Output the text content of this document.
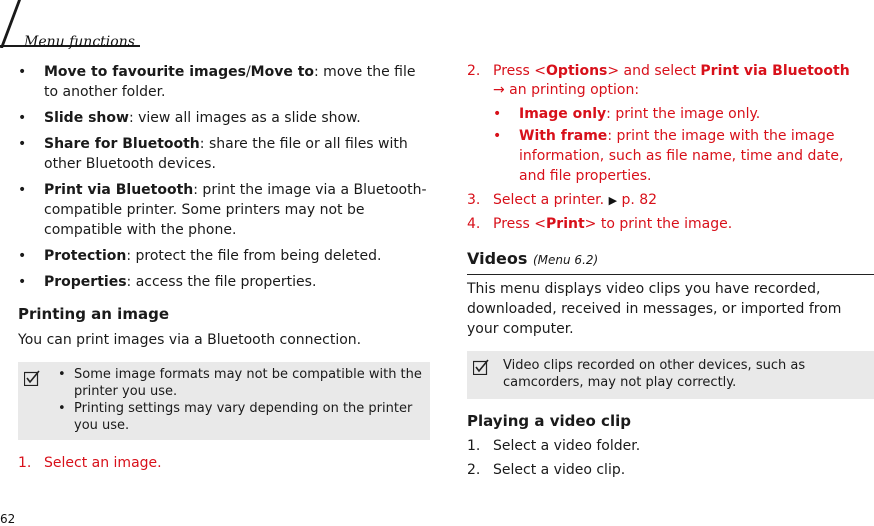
Menu functions
• Move to favourite images/Move to: move the file to another folder.
• Slide show: view all images as a slide show.
• Share for Bluetooth: share the file or all files with other Bluetooth devices.
• Print via Bluetooth: print the image via a Bluetooth-compatible printer. Some printers may not be compatible with the phone.
• Protection: protect the file from being deleted.
• Properties: access the file properties.
Printing an image

You can print images via a Bluetooth connection.

• Some image formats may not be compatible with the printer you use.
• Printing settings may vary depending on the printer you use.
1. Select an image.
2. Press <Options> and select Print via Bluetooth
→ an printing option:
• Image only: print the image only.
• With frame: print the image with the image information, such as file name, time and date, and file properties.
3. Select a printer. ▶ p. 82
4. Press <Print> to print the image.
Videos (Menu 6.2)

This menu displays video clips you have recorded, downloaded, received in messages, or imported from your computer.

Video clips recorded on other devices, such as camcorders, may not play correctly.
Playing a video clip
1. Select a video folder.
2. Select a video clip.
62
